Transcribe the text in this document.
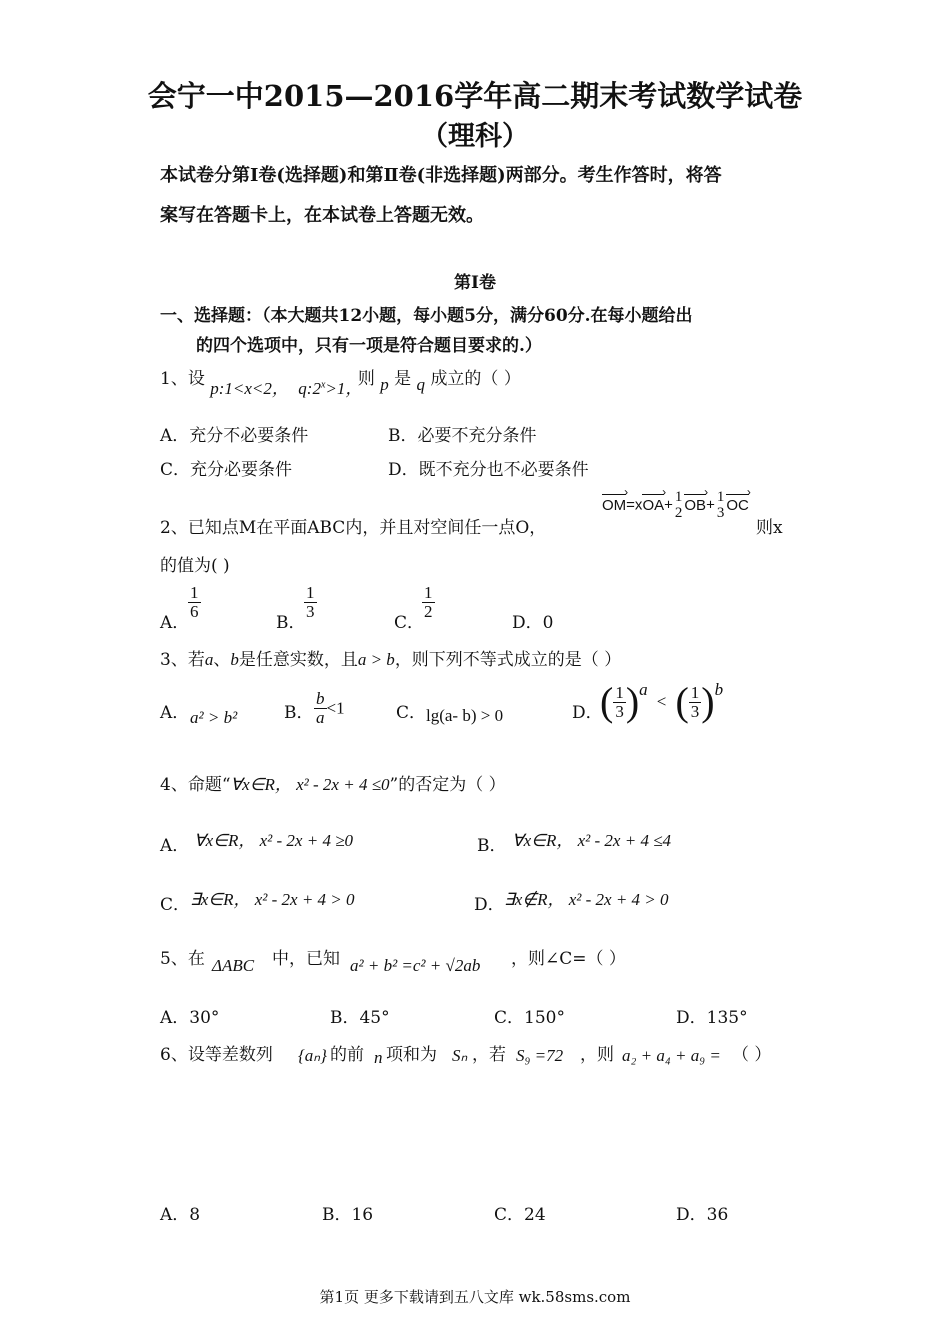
会宁一中2015—2016学年高二期末考试数学试卷
（理科）
本试卷分第Ⅰ卷(选择题)和第Ⅱ卷(非选择题)两部分。考生作答时，将答
案写在答题卡上，在本试卷上答题无效。
第Ⅰ卷
一、选择题：（本大题共12小题，每小题5分，满分60分.在每小题给出
的四个选项中，只有一项是符合题目要求的.）
1、设 p:1<x<2， $q:2^x>1$， 则 p 是 q 成立的（ ）
A．充分不必要条件	B．必要不充分条件
C．充分必要条件	D．既不充分也不必要条件
2、已知点M在平面ABC内，并且对空间任一点O，
OM ›=xOA ›+ 1
2 OB ›+ 1
3 OC ›
则x
的值为( )
A．
$\frac{1}{6}$
B．
$\frac{1}{3}$
C．
$\frac{1}{2}$
D．0
3、若a、b是任意实数，且a > b，则下列不等式成立的是（ ）
A． a² > b²	B． $\frac{b}{a} <1$	C． lg(a- b) > 0	D．
( $\frac{1}{3} )^a$ < ( $\frac{1}{3} )^b$
4、命题“∀x∈R， x² - 2x + 4 ≤0”的否定为（ ）
A． ∀x∈R， x² - 2x + 4 ≥0	B． ∀x∈R， x² - 2x + 4 ≤4
C． ∃x∈R， x² - 2x + 4 > 0	D． ∃x∉R， x² - 2x + 4 > 0
5、在 ΔABC 中，已知 a² + b² =c² + √2ab ，则∠C=（ ）
A．30°	B．45°	C．150°	D．135°
6、设等差数列 {aₙ} 的前 n 项和为 Sₙ ，若 S₉ =72 ，则 a₂ + a₄ + a₉ = （ ）
A．8	B．16	C．24	D．36
第1页 更多下载请到五八文库 wk.58sms.com
